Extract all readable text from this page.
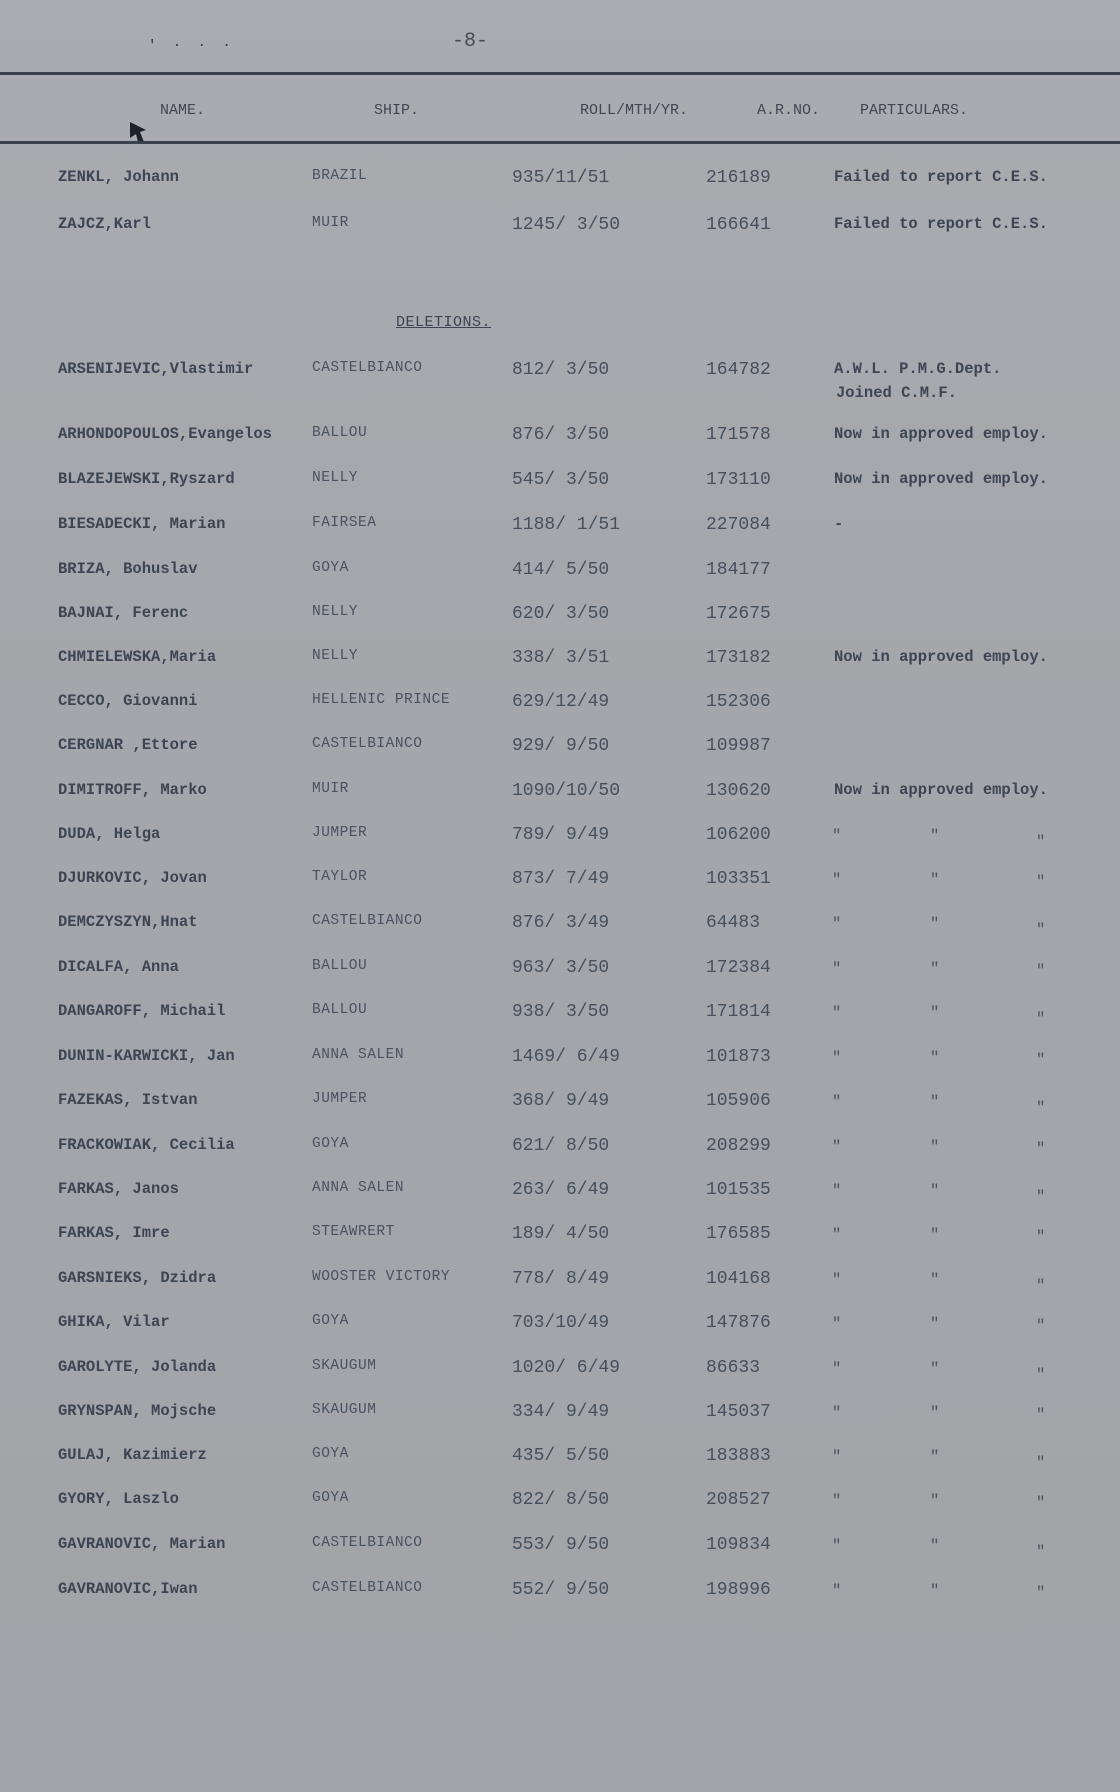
' · · ·	-8-
NAME.	SHIP.	ROLL/MTH/YR.	A.R.NO.	PARTICULARS.
DELETIONS.
ZENKL, Johann	BRAZIL	935/11/51	216189	Failed to report C.E.S.
ZAJCZ,Karl	MUIR	1245/ 3/50	166641	Failed to report C.E.S.
ARSENIJEVIC,Vlastimir	CASTELBIANCO	812/ 3/50	164782	A.W.L. P.M.G.Dept.
Joined C.M.F.
ARHONDOPOULOS,Evangelos	BALLOU	876/ 3/50	171578	Now in approved employ.
BLAZEJEWSKI,Ryszard	NELLY	545/ 3/50	173110	Now in approved employ.
BIESADECKI, Marian	FAIRSEA	1188/ 1/51	227084	-
BRIZA, Bohuslav	GOYA	414/ 5/50	184177
BAJNAI, Ferenc	NELLY	620/ 3/50	172675
CHMIELEWSKA,Maria	NELLY	338/ 3/51	173182	Now in approved employ.
CECCO, Giovanni	HELLENIC PRINCE	629/12/49	152306
CERGNAR ,Ettore	CASTELBIANCO	929/ 9/50	109987
DIMITROFF, Marko	MUIR	1090/10/50	130620	Now in approved employ.
DUDA, Helga	JUMPER	789/ 9/49	106200	"	"	"
DJURKOVIC, Jovan	TAYLOR	873/ 7/49	103351	"	"	"
DEMCZYSZYN,Hnat	CASTELBIANCO	876/ 3/49	64483	"	"	"
DICALFA, Anna	BALLOU	963/ 3/50	172384	"	"	"
DANGAROFF, Michail	BALLOU	938/ 3/50	171814	"	"	"
DUNIN-KARWICKI, Jan	ANNA SALEN	1469/ 6/49	101873	"	"	"
FAZEKAS, Istvan	JUMPER	368/ 9/49	105906	"	"	"
FRACKOWIAK, Cecilia	GOYA	621/ 8/50	208299	"	"	"
FARKAS, Janos	ANNA SALEN	263/ 6/49	101535	"	"	"
FARKAS, Imre	STEAWRERT	189/ 4/50	176585	"	"	"
GARSNIEKS, Dzidra	WOOSTER VICTORY	778/ 8/49	104168	"	"	"
GHIKA, Vilar	GOYA	703/10/49	147876	"	"	"
GAROLYTE, Jolanda	SKAUGUM	1020/ 6/49	86633	"	"	"
GRYNSPAN, Mojsche	SKAUGUM	334/ 9/49	145037	"	"	"
GULAJ, Kazimierz	GOYA	435/ 5/50	183883	"	"	"
GYORY, Laszlo	GOYA	822/ 8/50	208527	"	"	"
GAVRANOVIC, Marian	CASTELBIANCO	553/ 9/50	109834	"	"	"
GAVRANOVIC,Iwan	CASTELBIANCO	552/ 9/50	198996	"	"	"
